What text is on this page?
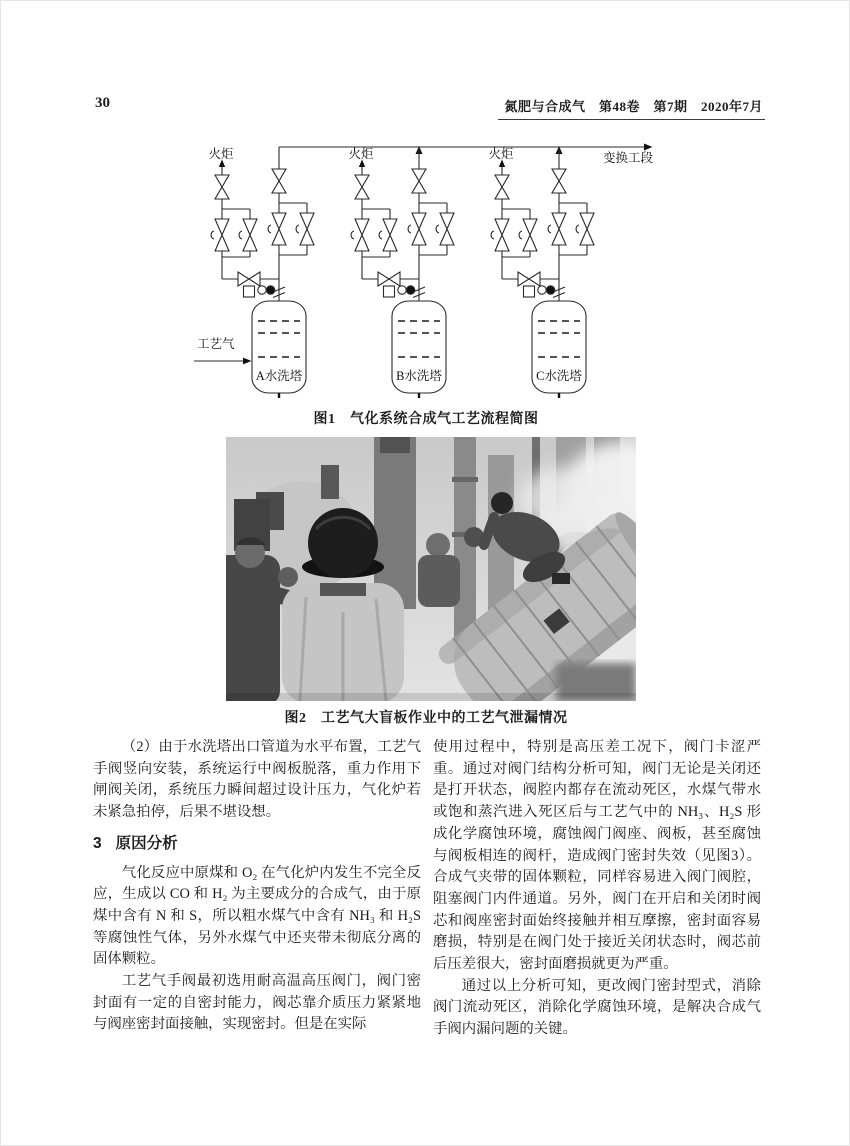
30	氮肥与合成气　第48卷　第7期　2020年7月
火炬	火炬	火炬	变换工段
工艺气
A水洗塔	B水洗塔	C水洗塔
图1　气化系统合成气工艺流程简图
图2　工艺气大盲板作业中的工艺气泄漏情况

（2）由于水洗塔出口管道为水平布置，工艺气手阀竖向安装，系统运行中阀板脱落，重力作用下闸阀关闭，系统压力瞬间超过设计压力，气化炉若未紧急拍停，后果不堪设想。

3 原因分析

气化反应中原煤和 O₂ 在气化炉内发生不完全反应，生成以 CO 和 H₂ 为主要成分的合成气，由于原煤中含有 N 和 S，所以粗水煤气中含有 NH₃ 和 H₂S 等腐蚀性气体，另外水煤气中还夹带未彻底分离的固体颗粒。

工艺气手阀最初选用耐高温高压阀门，阀门密封面有一定的自密封能力，阀芯靠介质压力紧紧地与阀座密封面接触，实现密封。但是在实际

使用过程中，特别是高压差工况下，阀门卡涩严重。通过对阀门结构分析可知，阀门无论是关闭还是打开状态，阀腔内都存在流动死区，水煤气带水或饱和蒸汽进入死区后与工艺气中的 NH₃、H₂S 形成化学腐蚀环境，腐蚀阀门阀座、阀板，甚至腐蚀与阀板相连的阀杆，造成阀门密封失效（见图3）。合成气夹带的固体颗粒，同样容易进入阀门阀腔，阻塞阀门内件通道。另外，阀门在开启和关闭时阀芯和阀座密封面始终接触并相互摩擦，密封面容易磨损，特别是在阀门处于接近关闭状态时，阀芯前后压差很大，密封面磨损就更为严重。

通过以上分析可知，更改阀门密封型式，消除阀门流动死区，消除化学腐蚀环境，是解决合成气手阀内漏问题的关键。
